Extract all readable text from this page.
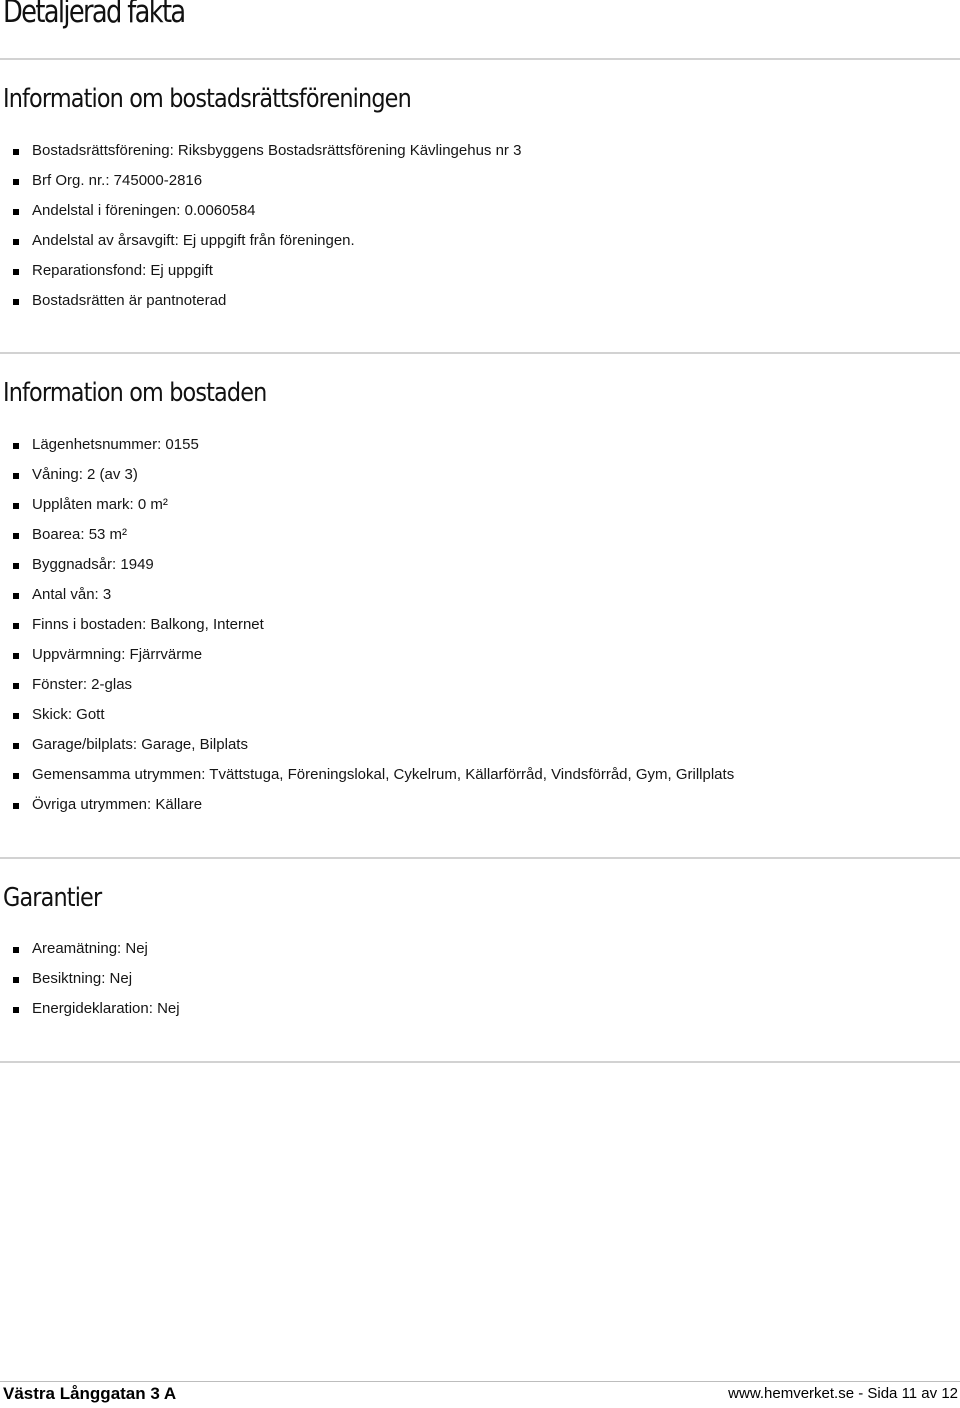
Detaljerad fakta
Information om bostadsrättsföreningen
Bostadsrättsförening: Riksbyggens Bostadsrättsförening Kävlingehus nr 3
Brf Org. nr.: 745000-2816
Andelstal i föreningen: 0.0060584
Andelstal av årsavgift: Ej uppgift från föreningen.
Reparationsfond: Ej uppgift
Bostadsrätten är pantnoterad
Information om bostaden
Lägenhetsnummer: 0155
Våning: 2 (av 3)
Upplåten mark: 0 m²
Boarea: 53 m²
Byggnadsår: 1949
Antal vån: 3
Finns i bostaden: Balkong, Internet
Uppvärmning: Fjärrvärme
Fönster: 2-glas
Skick: Gott
Garage/bilplats: Garage, Bilplats
Gemensamma utrymmen: Tvättstuga, Föreningslokal, Cykelrum, Källarförråd, Vindsförråd, Gym, Grillplats
Övriga utrymmen: Källare
Garantier
Areamätning: Nej
Besiktning: Nej
Energideklaration: Nej
Västra Långgatan 3 A	www.hemverket.se - Sida 11 av 12
